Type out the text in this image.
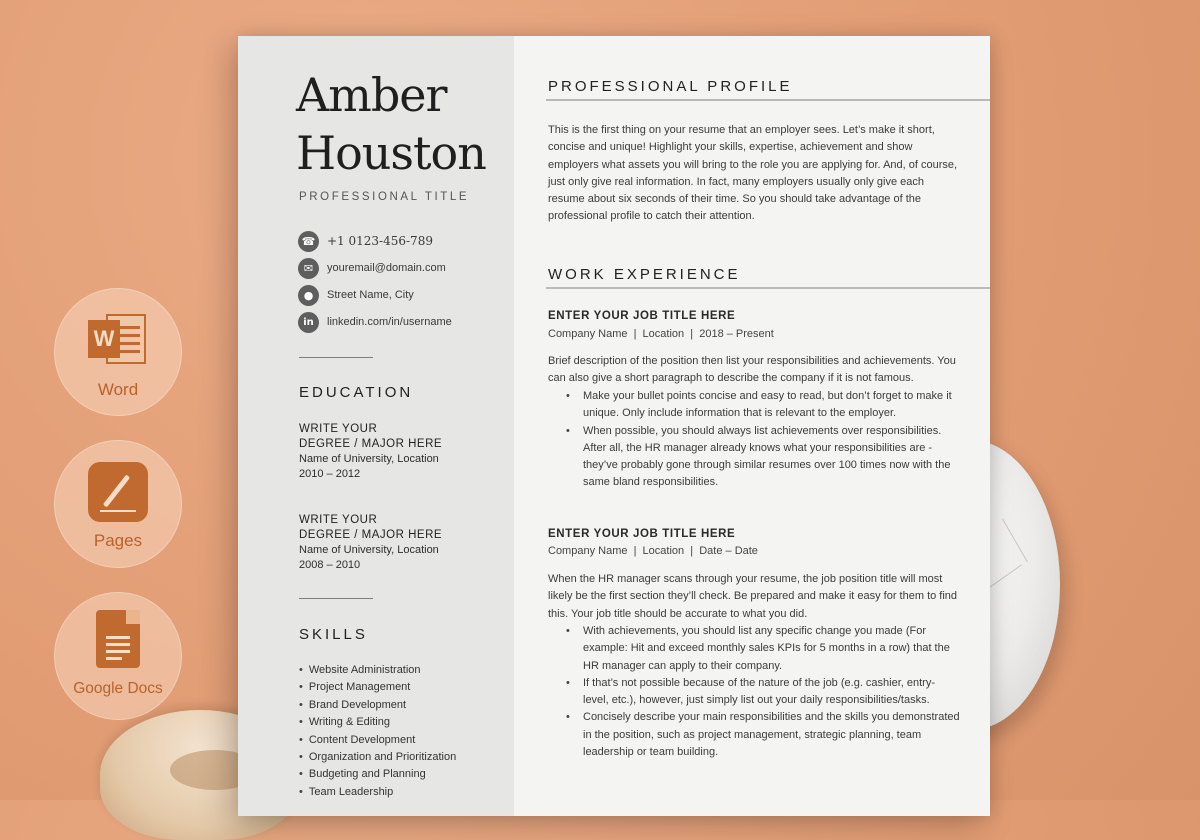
W
Word
Pages
Google Docs
Amber
Houston
PROFESSIONAL TITLE
☎ +1 0123-456-789
✉	youremail@domain.com
●	Street Name, City
in	linkedin.com/in/username
EDUCATION
WRITE YOUR
DEGREE / MAJOR HERE
Name of University, Location
2010 – 2012
WRITE YOUR
DEGREE / MAJOR HERE
Name of University, Location
2008 – 2010
SKILLS
• Website Administration
• Project Management
• Brand Development
• Writing & Editing
• Content Development
• Organization and Prioritization
• Budgeting and Planning
• Team Leadership
PROFESSIONAL PROFILE
This is the first thing on your resume that an employer sees. Let’s make it short, concise and unique! Highlight your skills, expertise, achievement and show employers what assets you will bring to the role you are applying for. And, of course, just only give real information. In fact, many employers usually only give each resume about six seconds of their time. So you should take advantage of the professional profile to catch their attention.
WORK EXPERIENCE
ENTER YOUR JOB TITLE HERE
Company Name  |  Location  |  2018 – Present
Brief description of the position then list your responsibilities and achievements. You can also give a short paragraph to describe the company if it is not famous.
• Make your bullet points concise and easy to read, but don’t forget to make it unique. Only include information that is relevant to the employer.
• When possible, you should always list achievements over responsibilities. After all, the HR manager already knows what your responsibilities are - they’ve probably gone through similar resumes over 100 times now with the same bland responsibilities.
ENTER YOUR JOB TITLE HERE
Company Name  |  Location  |  Date – Date
When the HR manager scans through your resume, the job position title will most likely be the first section they’ll check. Be prepared and make it easy for them to find this. Your job title should be accurate to what you did.
• With achievements, you should list any specific change you made (For example: Hit and exceed monthly sales KPIs for 5 months in a row) that the HR manager can apply to their company.
• If that’s not possible because of the nature of the job (e.g. cashier, entry-level, etc.), however, just simply list out your daily responsibilities/tasks.
• Concisely describe your main responsibilities and the skills you demonstrated in the position, such as project management, strategic planning, team leadership or team building.
